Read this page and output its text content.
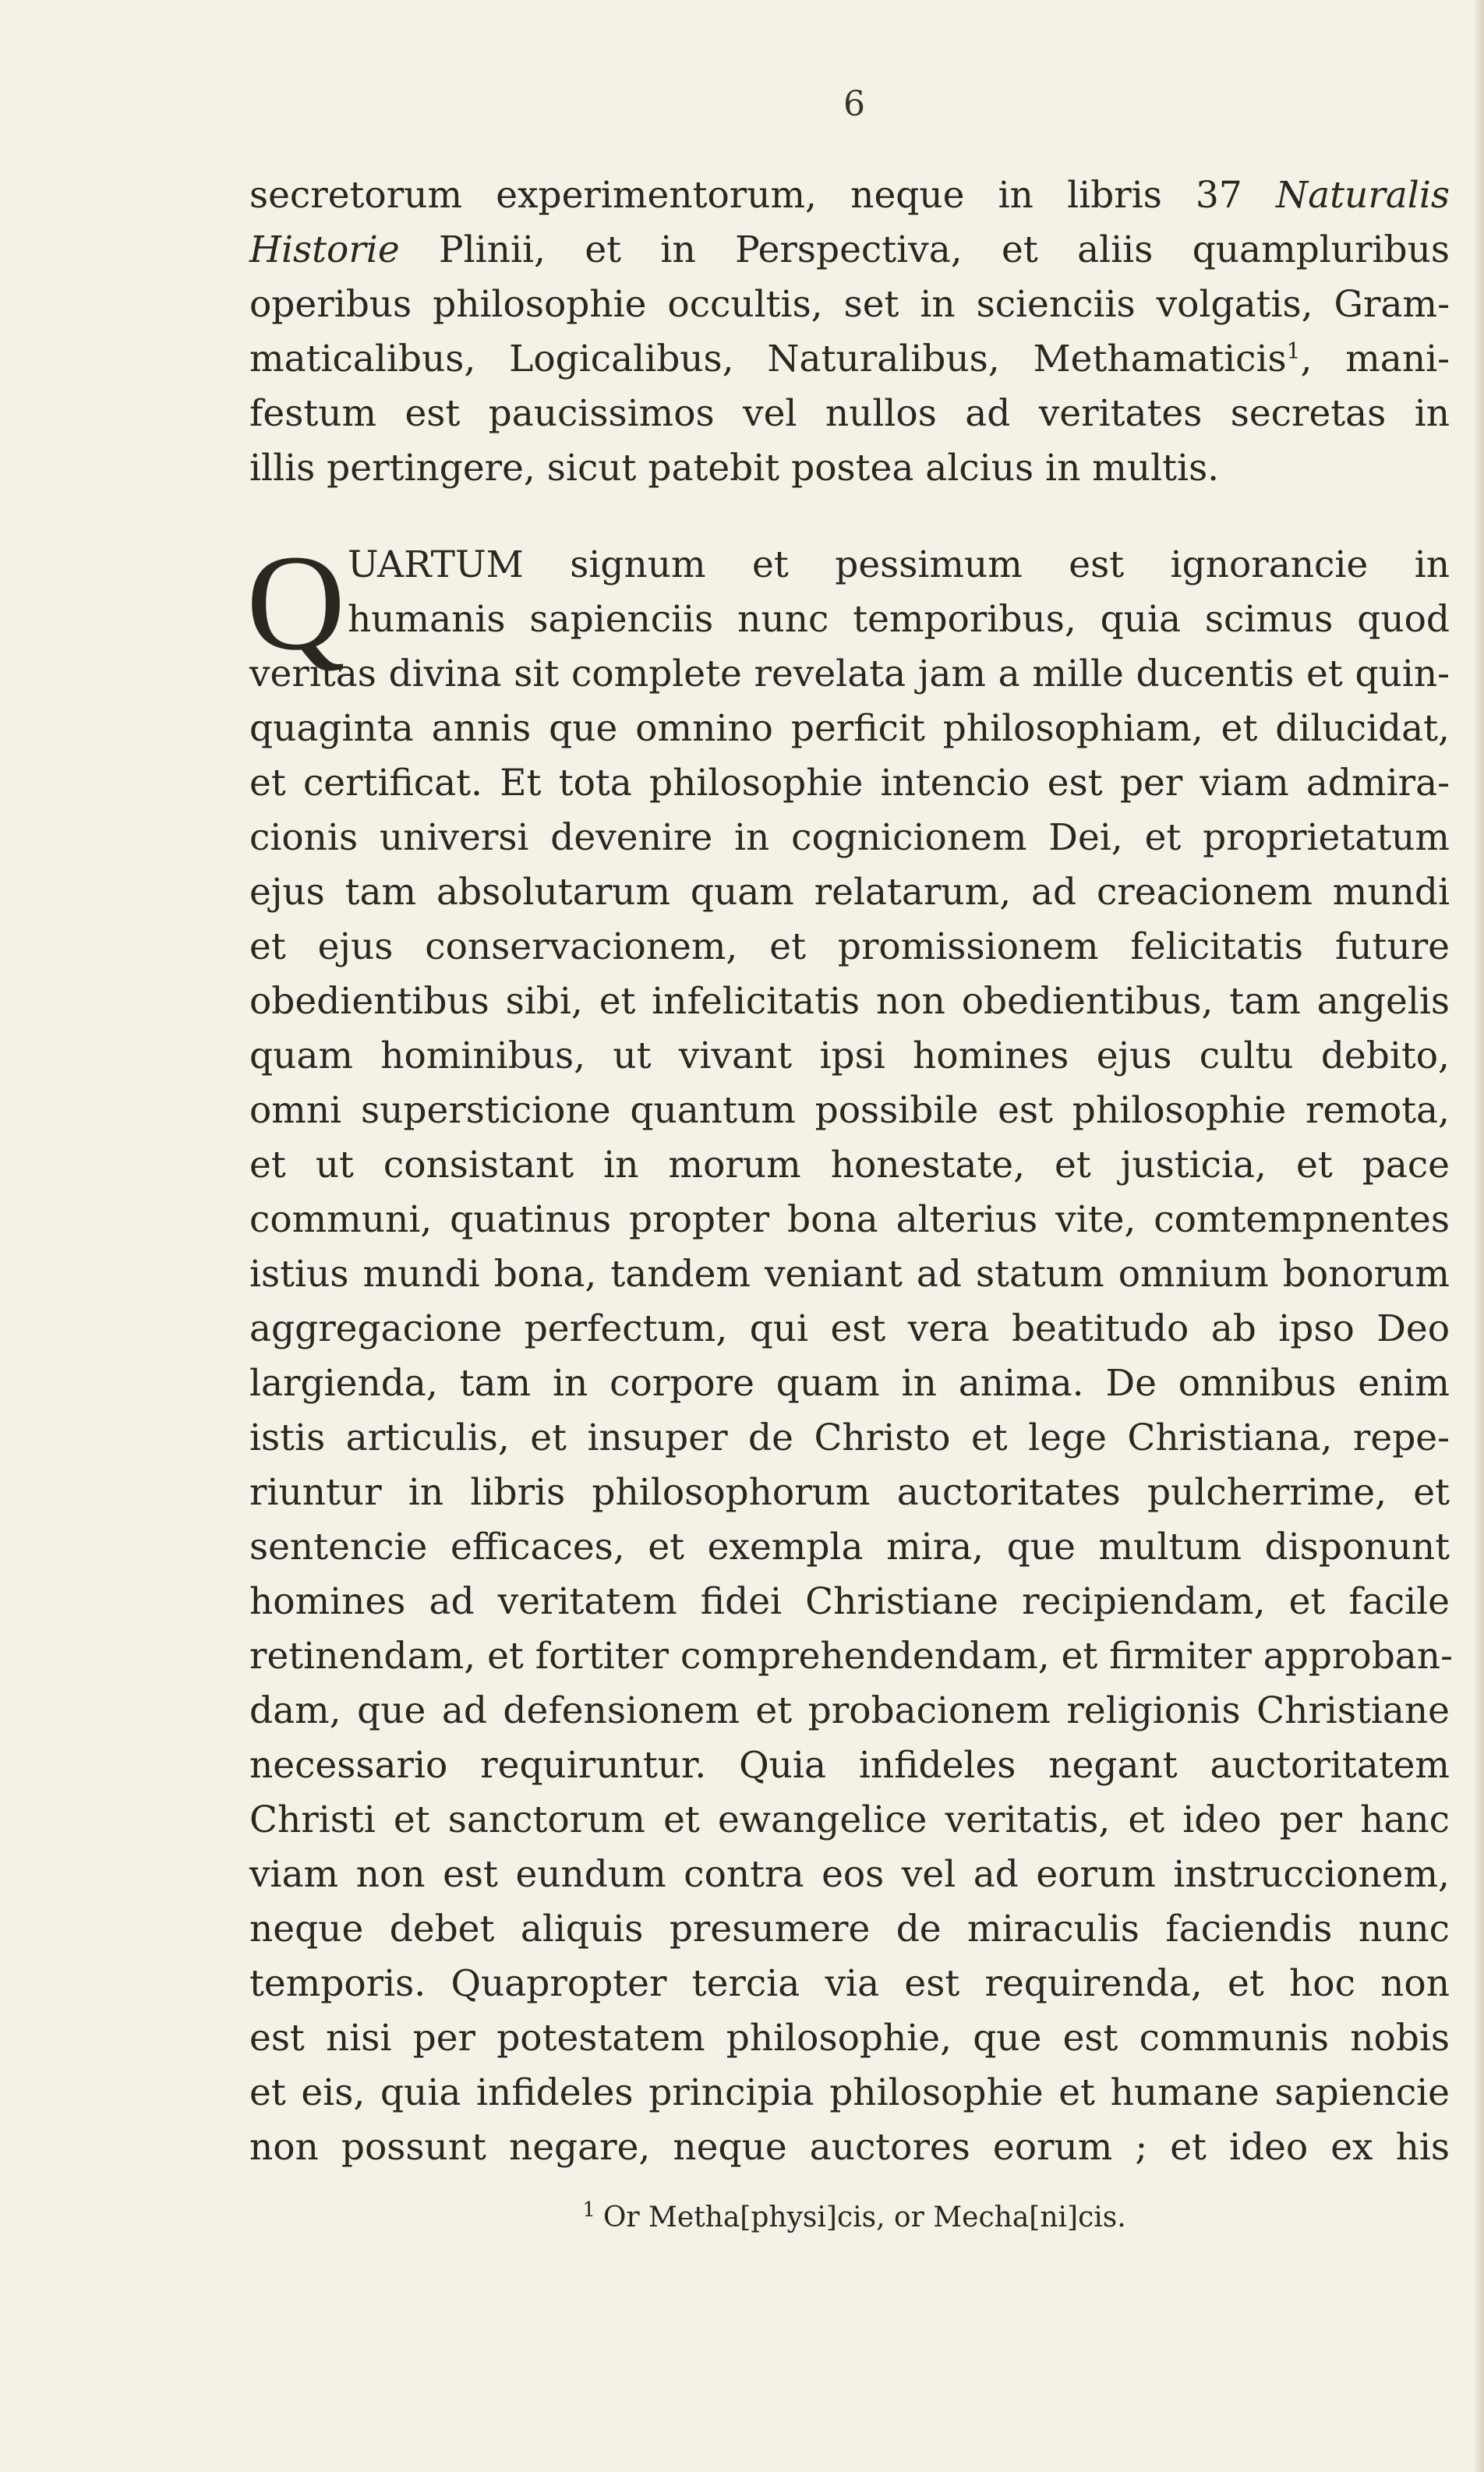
6
secretorum experimentorum, neque in libris 37 Naturalis
Historie Plinii, et in Perspectiva, et aliis quampluribus
operibus philosophie occultis, set in scienciis volgatis, Gram-
maticalibus, Logicalibus, Naturalibus, Methamaticis$^1$, mani-
festum est paucissimos vel nullos ad veritates secretas in
illis pertingere, sicut patebit postea alcius in multis.
UARTUM signum et pessimum est ignorancie in
humanis sapienciis nunc temporibus, quia scimus quod
veritas divina sit complete revelata jam a mille ducentis et quin-
quaginta annis que omnino perficit philosophiam, et dilucidat,
et certificat. Et tota philosophie intencio est per viam admira-
cionis universi devenire in cognicionem Dei, et proprietatum
ejus tam absolutarum quam relatarum, ad creacionem mundi
et ejus conservacionem, et promissionem felicitatis future
obedientibus sibi, et infelicitatis non obedientibus, tam angelis
quam hominibus, ut vivant ipsi homines ejus cultu debito,
omni supersticione quantum possibile est philosophie remota,
et ut consistant in morum honestate, et justicia, et pace
communi, quatinus propter bona alterius vite, comtempnentes
istius mundi bona, tandem veniant ad statum omnium bonorum
aggregacione perfectum, qui est vera beatitudo ab ipso Deo
largienda, tam in corpore quam in anima. De omnibus enim
istis articulis, et insuper de Christo et lege Christiana, repe-
riuntur in libris philosophorum auctoritates pulcherrime, et
sentencie efficaces, et exempla mira, que multum disponunt
homines ad veritatem fidei Christiane recipiendam, et facile
retinendam, et fortiter comprehendendam, et firmiter approban-
dam, que ad defensionem et probacionem religionis Christiane
necessario requiruntur. Quia infideles negant auctoritatem
Christi et sanctorum et ewangelice veritatis, et ideo per hanc
viam non est eundum contra eos vel ad eorum instruccionem,
neque debet aliquis presumere de miraculis faciendis nunc
temporis. Quapropter tercia via est requirenda, et hoc non
est nisi per potestatem philosophie, que est communis nobis
et eis, quia infideles principia philosophie et humane sapiencie
non possunt negare, neque auctores eorum ; et ideo ex his
Q
$^1$ Or Metha[physi]cis, or Mecha[ni]cis.
